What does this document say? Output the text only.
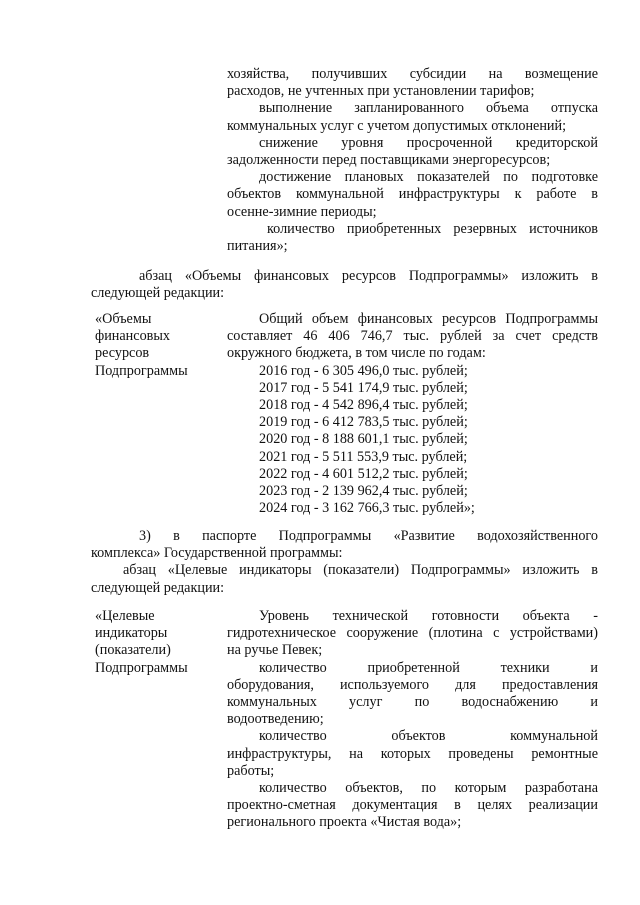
хозяйства, получивших субсидии на возмещение

расходов, не учтенных при установлении тарифов;

выполнение запланированного объема отпуска

коммунальных услуг с учетом допустимых отклонений;

снижение уровня просроченной кредиторской

задолженности перед поставщиками энергоресурсов;

достижение плановых показателей по подготовке

объектов коммунальной инфраструктуры к работе в

осенне-зимние периоды;

количество приобретенных резервных источников

питания»;

абзац «Объемы финансовых ресурсов Подпрограммы» изложить в

следующей редакции:

«Объемы

финансовых

ресурсов

Подпрограммы

Общий объем финансовых ресурсов Подпрограммы

составляет 46 406 746,7 тыс. рублей за счет средств

окружного бюджета, в том числе по годам:

2016 год - 6 305 496,0 тыс. рублей;

2017 год - 5 541 174,9 тыс. рублей;

2018 год - 4 542 896,4 тыс. рублей;

2019 год - 6 412 783,5 тыс. рублей;

2020 год - 8 188 601,1 тыс. рублей;

2021 год - 5 511 553,9 тыс. рублей;

2022 год - 4 601 512,2 тыс. рублей;

2023 год - 2 139 962,4 тыс. рублей;

2024 год - 3 162 766,3 тыс. рублей»;

3) в паспорте Подпрограммы «Развитие водохозяйственного

комплекса» Государственной программы:

абзац «Целевые индикаторы (показатели) Подпрограммы» изложить в

следующей редакции:

«Целевые

индикаторы

(показатели)

Подпрограммы

Уровень технической готовности объекта -

гидротехническое сооружение (плотина с устройствами)

на ручье Певек;

количество приобретенной техники и

оборудования, используемого для предоставления

коммунальных услуг по водоснабжению и

водоотведению;

количество объектов коммунальной

инфраструктуры, на которых проведены ремонтные

работы;

количество объектов, по которым разработана

проектно-сметная документация в целях реализации

регионального проекта «Чистая вода»;
